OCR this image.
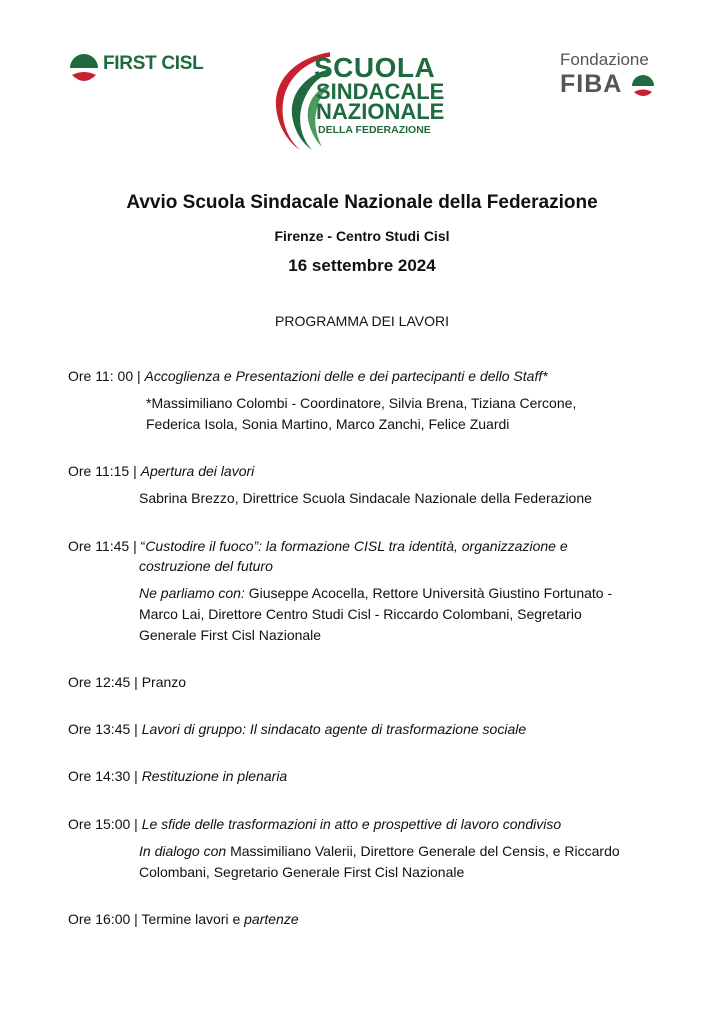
FIRST CISL	SCUOLA
SINDACALE
NAZIONALE
DELLA FEDERAZIONE
Fondazione
FIBA
Avvio Scuola Sindacale Nazionale della Federazione
Firenze - Centro Studi Cisl
16 settembre 2024
PROGRAMMA DEI LAVORI
Ore 11: 00 | Accoglienza e Presentazioni delle e dei partecipanti e dello Staff*
*Massimiliano Colombi - Coordinatore, Silvia Brena, Tiziana Cercone,
Federica Isola, Sonia Martino, Marco Zanchi, Felice Zuardi
Ore 11:15 | Apertura dei lavori
Sabrina Brezzo, Direttrice Scuola Sindacale Nazionale della Federazione
Ore 11:45 | “Custodire il fuoco”: la formazione CISL tra identità, organizzazione e
costruzione del futuro
Ne parliamo con: Giuseppe Acocella, Rettore Università Giustino Fortunato -
Marco Lai, Direttore Centro Studi Cisl - Riccardo Colombani, Segretario
Generale First Cisl Nazionale
Ore 12:45 | Pranzo
Ore 13:45 | Lavori di gruppo: Il sindacato agente di trasformazione sociale
Ore 14:30 | Restituzione in plenaria
Ore 15:00 | Le sfide delle trasformazioni in atto e prospettive di lavoro condiviso
In dialogo con Massimiliano Valerii, Direttore Generale del Censis, e Riccardo
Colombani, Segretario Generale First Cisl Nazionale
Ore 16:00 | Termine lavori e partenze
